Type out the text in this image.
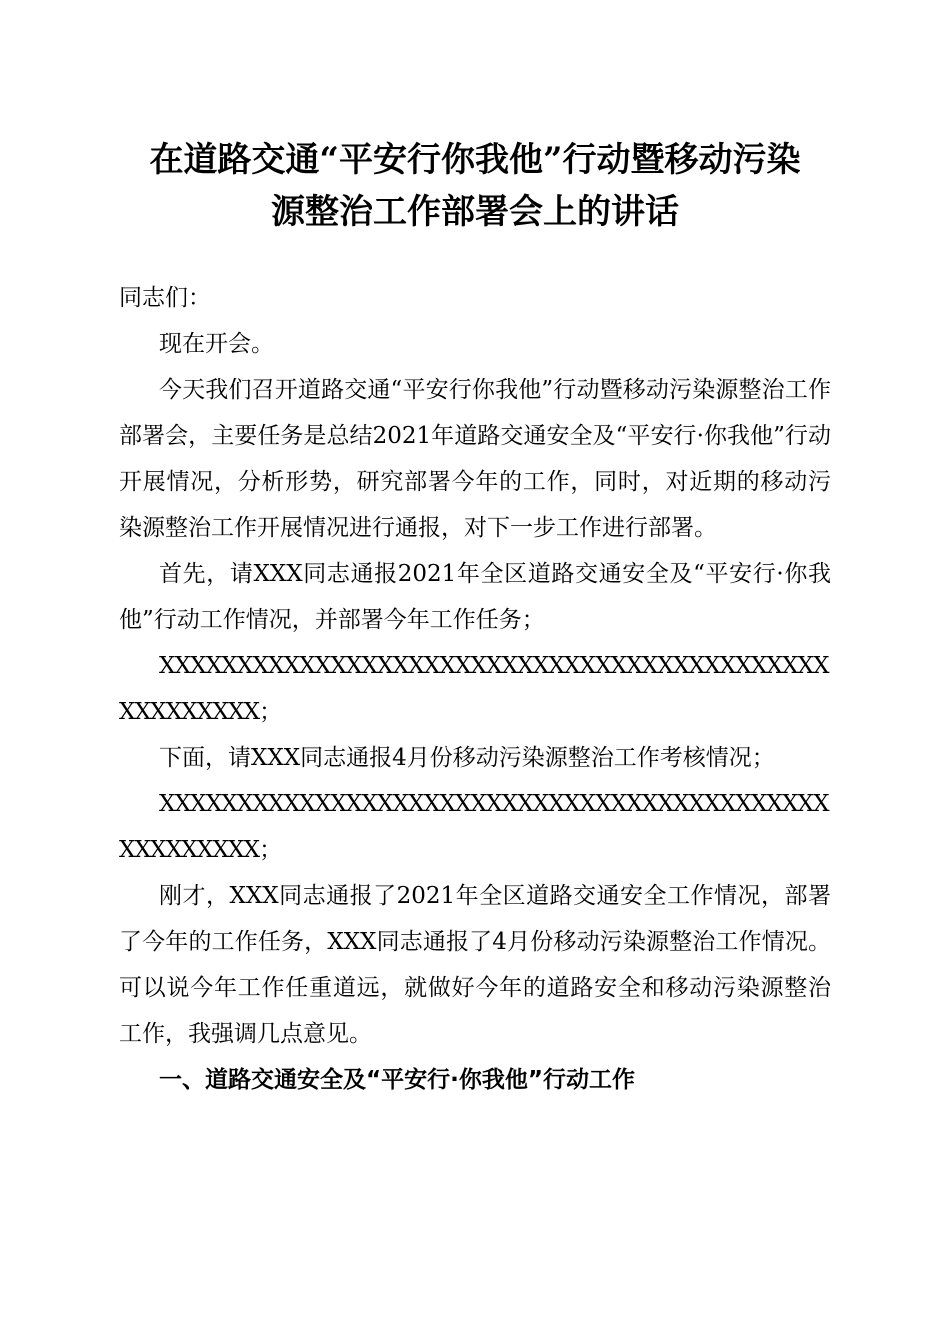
在道路交通“平安行你我他”行动暨移动污染
源整治工作部署会上的讲话

同志们：

现在开会。

今天我们召开道路交通“平安行你我他”行动暨移动污染源整治工作部署会，主要任务是总结2021年道路交通安全及“平安行·你我他”行动开展情况，分析形势，研究部署今年的工作，同时，对近期的移动污染源整治工作开展情况进行通报，对下一步工作进行部署。

首先，请XXX同志通报2021年全区道路交通安全及“平安行·你我他”行动工作情况，并部署今年工作任务；

XXXXXXXXXXXXXXXXXXXXXXXXXXXXXXXXXXXXXXXXXXXXXXXXXXXX；

下面，请XXX同志通报4月份移动污染源整治工作考核情况；

XXXXXXXXXXXXXXXXXXXXXXXXXXXXXXXXXXXXXXXXXXXXXXXXXXXX；

刚才，XXX同志通报了2021年全区道路交通安全工作情况，部署了今年的工作任务，XXX同志通报了4月份移动污染源整治工作情况。可以说今年工作任重道远，就做好今年的道路安全和移动污染源整治工作，我强调几点意见。

一、道路交通安全及“平安行·你我他”行动工作
